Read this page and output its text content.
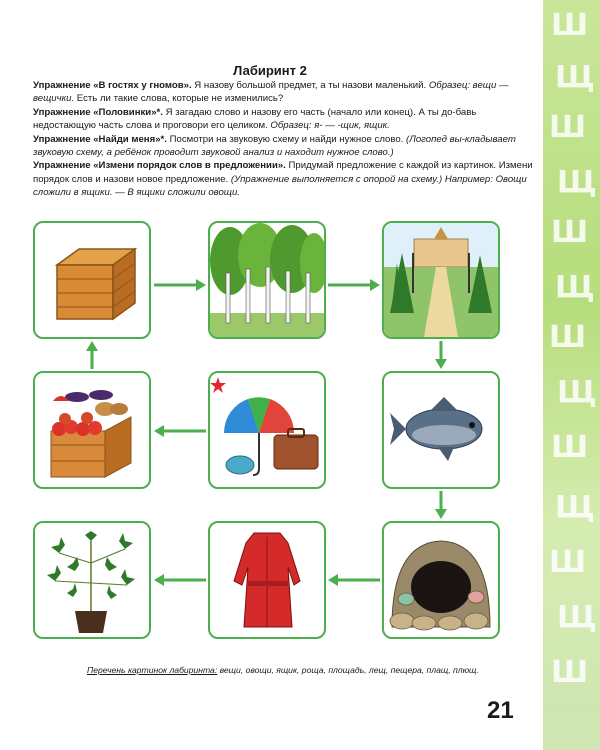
Ш
Щ
Ш
Щ
Ш
Щ
Ш
Щ
Ш
Щ
Ш
Щ
Ш
Лабиринт 2

Упражнение «В гостях у гномов». Я назову большой предмет, а ты назови маленький. Образец: вещи — вещички. Есть ли такие слова, которые не изменились?

Упражнение «Половинки»*. Я загадаю слово и назову его часть (начало или конец). А ты до-бавь недостающую часть слова и проговори его целиком. Образец: я- — -щик, ящик.

Упражнение «Найди меня»*. Посмотри на звуковую схему и найди нужное слово. (Логопед вы-кладывает звуковую схему, а ребёнок проводит звуковой анализ и находит нужное слово.)

Упражнение «Измени порядок слов в предложении». Придумай предложение с каждой из картинок. Измени порядок слов и назови новое предложение. (Упражнение выполняется с опорой на схему.) Например: Овощи сложили в ящики. — В ящики сложили овощи.

Перечень картинок лабиринта: вещи, овощи, ящик, роща, площадь, лещ, пещера, плащ, плющ.
21
